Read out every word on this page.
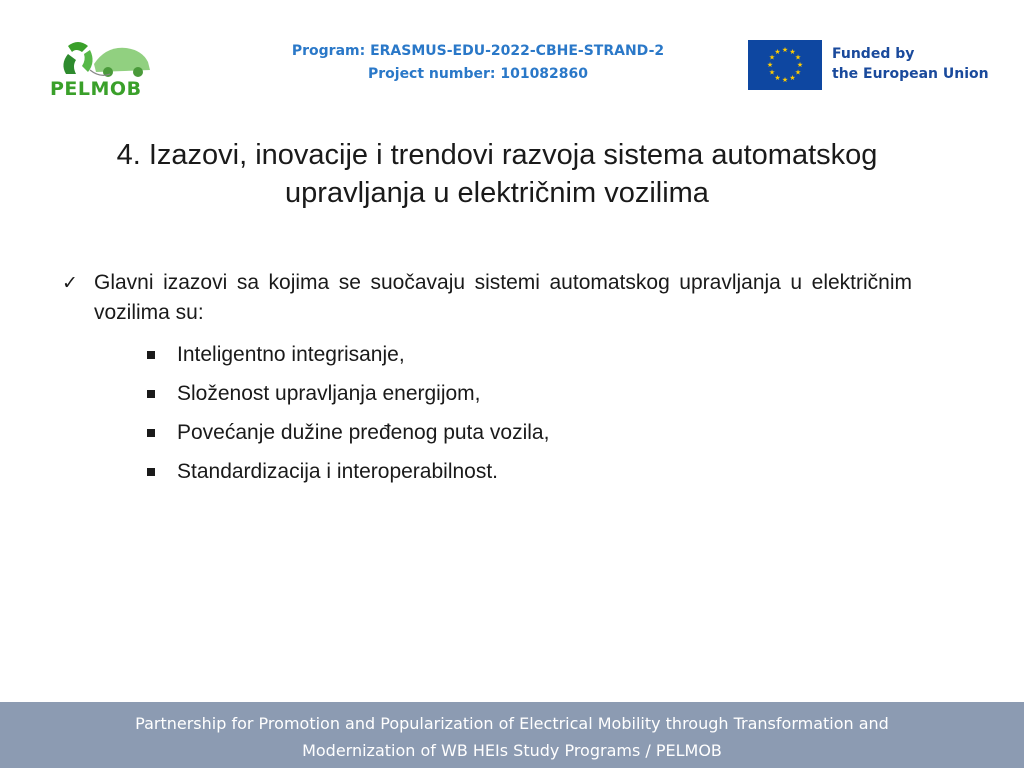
PELMOB
Program: ERASMUS-EDU-2022-CBHE-STRAND-2
Project number: 101082860
★ ★
★
★
★
★
★
★
★
★
★
★	Funded by
the European Union
4. Izazovi, inovacije i trendovi razvoja sistema automatskog
upravljanja u električnim vozilima
✓ Glavni izazovi sa kojima se suočavaju sistemi automatskog upravljanja u električnim vozilima su:
Inteligentno integrisanje,
Složenost upravljanja energijom,
Povećanje dužine pređenog puta vozila,
Standardizacija i interoperabilnost.
Partnership for Promotion and Popularization of Electrical Mobility through Transformation and
Modernization of WB HEIs Study Programs / PELMOB
